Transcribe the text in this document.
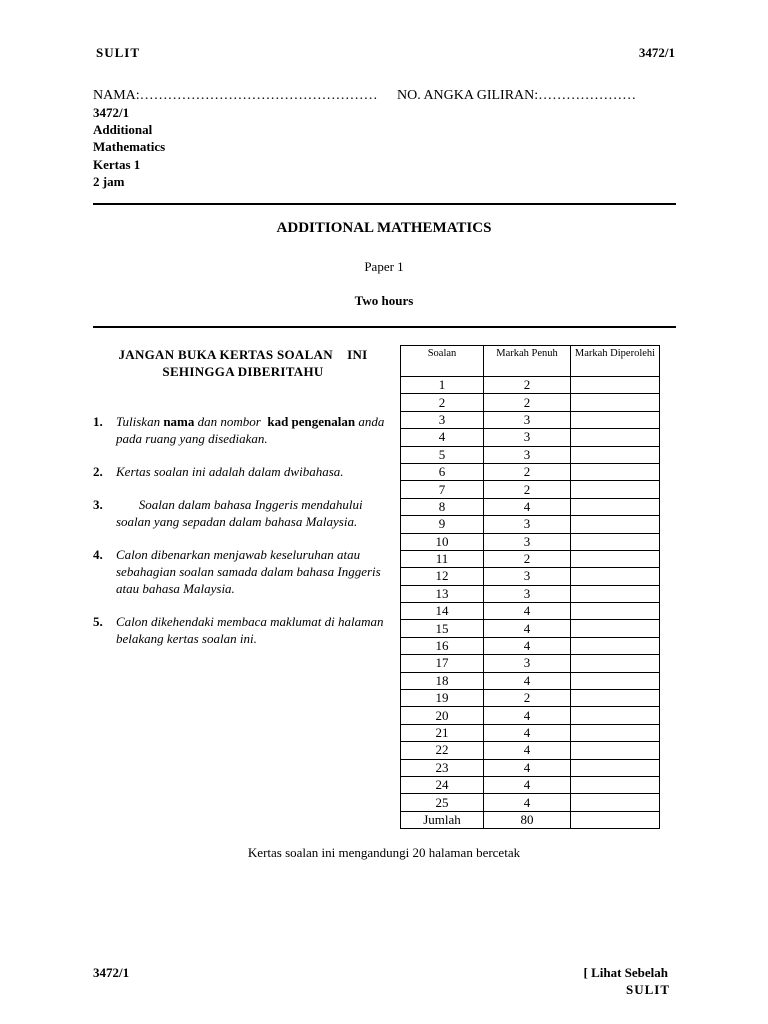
SULIT	3472/1
NAMA:…………………………………………… NO. ANGKA GILIRAN:…………………
3472/1
Additional
Mathematics
Kertas 1
2 jam
ADDITIONAL MATHEMATICS
Paper 1
Two hours
JANGAN BUKA KERTAS SOALAN    INI
SEHINGGA DIBERITAHU
1. Tuliskan nama dan nombor  kad pengenalan anda pada ruang yang disediakan.
2. Kertas soalan ini adalah dalam dwibahasa.
3. Soalan dalam bahasa Inggeris mendahului soalan yang sepadan dalam bahasa Malaysia.
4. Calon dibenarkan menjawab keseluruhan atau sebahagian soalan samada dalam bahasa Inggeris atau bahasa Malaysia.
5. Calon dikehendaki membaca maklumat di halaman belakang kertas soalan ini.
Soalan	Markah Penuh	Markah Diperolehi
1	2	
2	2	
3	3	
4	3	
5	3	
6	2	
7	2	
8	4	
9	3	
10	3	
11	2	
12	3	
13	3	
14	4	
15	4	
16	4	
17	3	
18	4	
19	2	
20	4	
21	4	
22	4	
23	4	
24	4	
25	4	
Jumlah	80	
Kertas soalan ini mengandungi 20 halaman bercetak
3472/1	[ Lihat Sebelah
SULIT
